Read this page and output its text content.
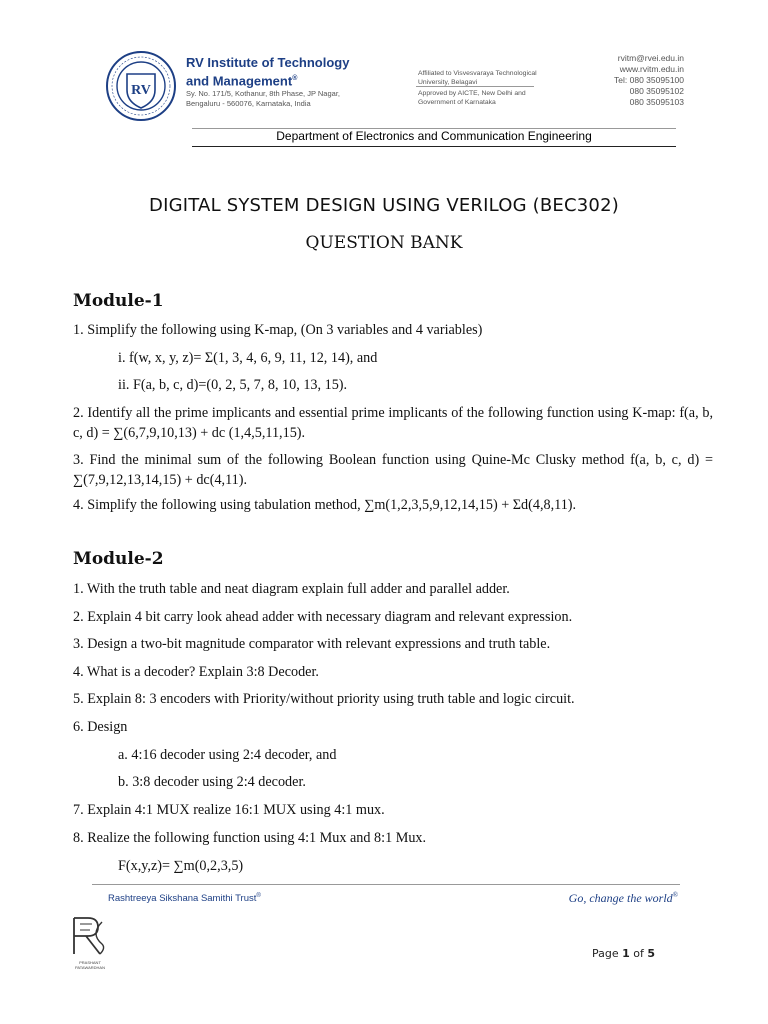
RV
RV Institute of Technology
and Management®
Sy. No. 171/5, Kothanur, 8th Phase, JP Nagar,
Bengaluru - 560076, Karnataka, India
Affiliated to Visvesvaraya Technological
University, Belagavi
Approved by AICTE, New Delhi and
Government of Karnataka
rvitm@rvei.edu.in
www.rvitm.edu.in
Tel: 080 35095100
080 35095102
080 35095103
Department of Electronics and Communication Engineering
DIGITAL SYSTEM DESIGN USING VERILOG (BEC302)
QUESTION BANK
Module-1
1. Simplify the following using K-map, (On 3 variables and 4 variables)
i. f(w, x, y, z)= Σ(1, 3, 4, 6, 9, 11, 12, 14), and
ii. F(a, b, c, d)=(0, 2, 5, 7, 8, 10, 13, 15).
2. Identify all the prime implicants and essential prime implicants of the following function using K-map: f(a, b, c, d) = ∑(6,7,9,10,13) + dc (1,4,5,11,15).
3. Find the minimal sum of the following Boolean function using Quine-Mc Clusky method f(a, b, c, d) = ∑(7,9,12,13,14,15) + dc(4,11).
4. Simplify the following using tabulation method, ∑m(1,2,3,5,9,12,14,15) + Σd(4,8,11).
Module-2
1. With the truth table and neat diagram explain full adder and parallel adder.
2. Explain 4 bit carry look ahead adder with necessary diagram and relevant expression.
3. Design a two-bit magnitude comparator with relevant expressions and truth table.
4. What is a decoder? Explain 3:8 Decoder.
5. Explain 8: 3 encoders with Priority/without priority using truth table and logic circuit.
6. Design
a. 4:16 decoder using 2:4 decoder, and
b. 3:8 decoder using 2:4 decoder.
7. Explain 4:1 MUX realize 16:1 MUX using 4:1 mux.
8. Realize the following function using 4:1 Mux and 8:1 Mux.
F(x,y,z)= ∑m(0,2,3,5)
Rashtreeya Sikshana Samithi Trust®	Go, change the world®
PRASHANT
PATAWARDHAN
Page 1 of 5
